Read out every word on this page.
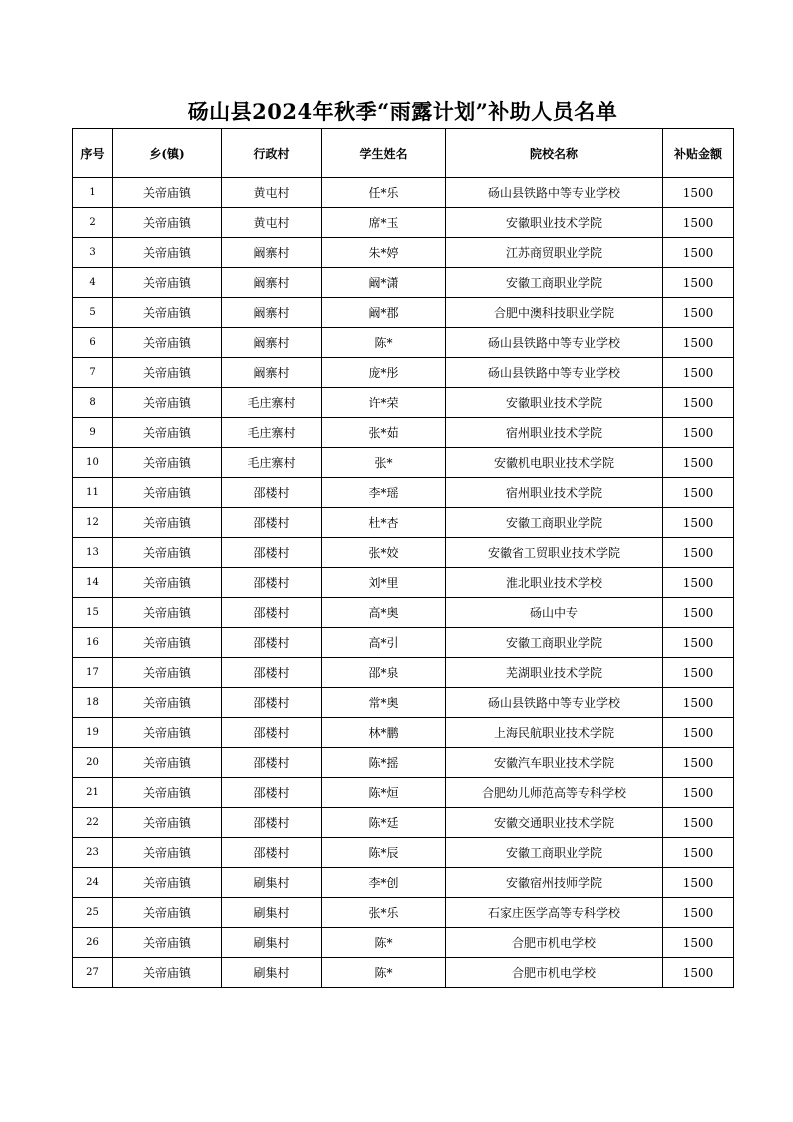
砀山县2024年秋季“雨露计划”补助人员名单
序号	乡(镇)	行政村	学生姓名	院校名称	补贴金额
1	关帝庙镇	黄屯村	任*乐	砀山县铁路中等专业学校	1500
2	关帝庙镇	黄屯村	席*玉	安徽职业技术学院	1500
3	关帝庙镇	阚寨村	朱*婷	江苏商贸职业学院	1500
4	关帝庙镇	阚寨村	阚*潇	安徽工商职业学院	1500
5	关帝庙镇	阚寨村	阚*郡	合肥中澳科技职业学院	1500
6	关帝庙镇	阚寨村	陈*	砀山县铁路中等专业学校	1500
7	关帝庙镇	阚寨村	庞*彤	砀山县铁路中等专业学校	1500
8	关帝庙镇	毛庄寨村	许*荣	安徽职业技术学院	1500
9	关帝庙镇	毛庄寨村	张*茹	宿州职业技术学院	1500
10	关帝庙镇	毛庄寨村	张*	安徽机电职业技术学院	1500
11	关帝庙镇	邵楼村	李*瑶	宿州职业技术学院	1500
12	关帝庙镇	邵楼村	杜*杏	安徽工商职业学院	1500
13	关帝庙镇	邵楼村	张*姣	安徽省工贸职业技术学院	1500
14	关帝庙镇	邵楼村	刘*里	淮北职业技术学校	1500
15	关帝庙镇	邵楼村	高*奥	砀山中专	1500
16	关帝庙镇	邵楼村	高*引	安徽工商职业学院	1500
17	关帝庙镇	邵楼村	邵*泉	芜湖职业技术学院	1500
18	关帝庙镇	邵楼村	常*奥	砀山县铁路中等专业学校	1500
19	关帝庙镇	邵楼村	林*鹏	上海民航职业技术学院	1500
20	关帝庙镇	邵楼村	陈*摇	安徽汽车职业技术学院	1500
21	关帝庙镇	邵楼村	陈*烜	合肥幼儿师范高等专科学校	1500
22	关帝庙镇	邵楼村	陈*廷	安徽交通职业技术学院	1500
23	关帝庙镇	邵楼村	陈*辰	安徽工商职业学院	1500
24	关帝庙镇	刷集村	李*创	安徽宿州技师学院	1500
25	关帝庙镇	刷集村	张*乐	石家庄医学高等专科学校	1500
26	关帝庙镇	刷集村	陈*	合肥市机电学校	1500
27	关帝庙镇	刷集村	陈*	合肥市机电学校	1500
